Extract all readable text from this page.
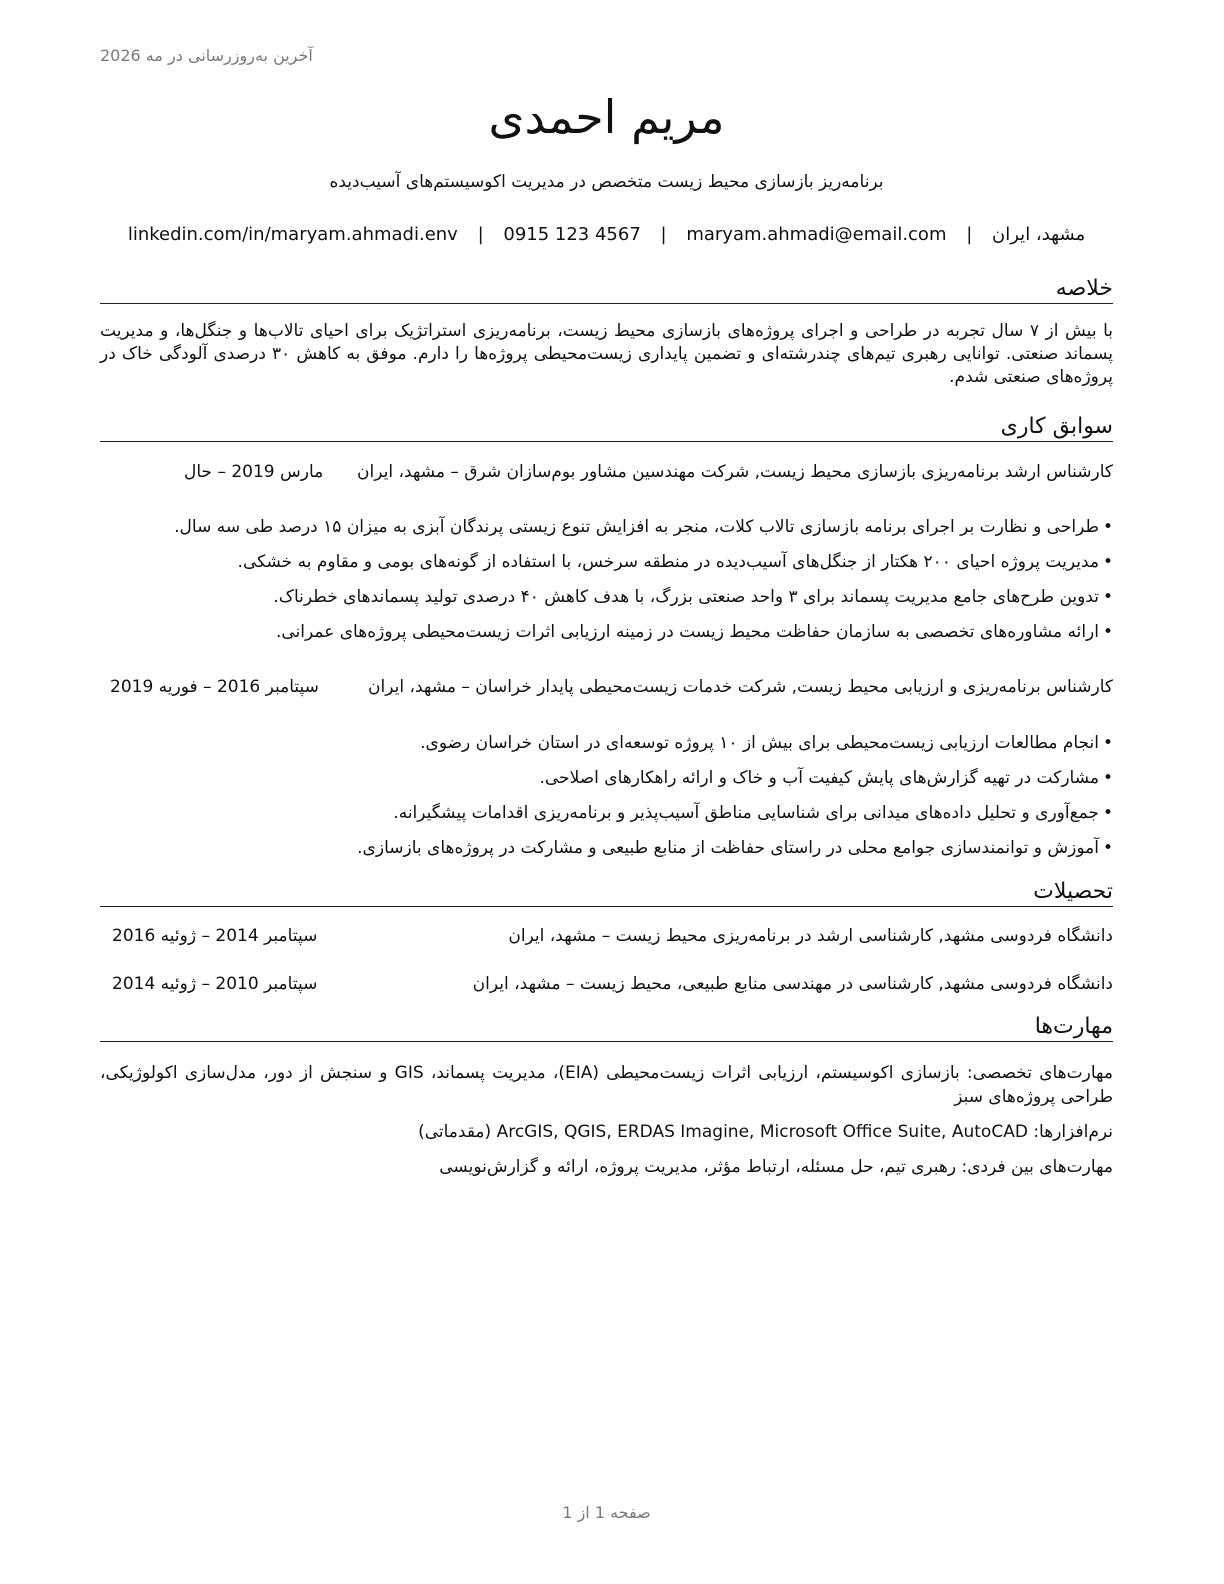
آخرین به‌روزرسانی در مه 2026
مریم احمدی
برنامه‌ریز بازسازی محیط زیست متخصص در مدیریت اکوسیستم‌های آسیب‌دیده
مشهد، ایران | maryam.ahmadi@email.com | 0915 123 4567 | linkedin.com/in/maryam.ahmadi.env
خلاصه
با بیش از ۷ سال تجربه در طراحی و اجرای پروژه‌های بازسازی محیط زیست، برنامه‌ریزی استراتژیک برای احیای تالاب‌ها و جنگل‌ها، و مدیریت پسماند صنعتی. توانایی رهبری تیم‌های چندرشته‌ای و تضمین پایداری زیست‌محیطی پروژه‌ها را دارم. موفق به کاهش ۳۰ درصدی آلودگی خاک در پروژه‌های صنعتی شدم.
سوابق کاری
کارشناس ارشد برنامه‌ریزی بازسازی محیط زیست, شرکت مهندسین مشاور بوم‌سازان شرق – مشهد، ایران
مارس 2019 – حال
• طراحی و نظارت بر اجرای برنامه بازسازی تالاب کلات، منجر به افزایش تنوع زیستی پرندگان آبزی به میزان ۱۵ درصد طی سه سال.
• مدیریت پروژه احیای ۲۰۰ هکتار از جنگل‌های آسیب‌دیده در منطقه سرخس، با استفاده از گونه‌های بومی و مقاوم به خشکی.
• تدوین طرح‌های جامع مدیریت پسماند برای ۳ واحد صنعتی بزرگ، با هدف کاهش ۴۰ درصدی تولید پسماندهای خطرناک.
• ارائه مشاوره‌های تخصصی به سازمان حفاظت محیط زیست در زمینه ارزیابی اثرات زیست‌محیطی پروژه‌های عمرانی.
کارشناس برنامه‌ریزی و ارزیابی محیط زیست, شرکت خدمات زیست‌محیطی پایدار خراسان – مشهد، ایران
سپتامبر 2016 – فوریه 2019
• انجام مطالعات ارزیابی زیست‌محیطی برای بیش از ۱۰ پروژه توسعه‌ای در استان خراسان رضوی.
• مشارکت در تهیه گزارش‌های پایش کیفیت آب و خاک و ارائه راهکارهای اصلاحی.
• جمع‌آوری و تحلیل داده‌های میدانی برای شناسایی مناطق آسیب‌پذیر و برنامه‌ریزی اقدامات پیشگیرانه.
• آموزش و توانمندسازی جوامع محلی در راستای حفاظت از منابع طبیعی و مشارکت در پروژه‌های بازسازی.
تحصیلات
دانشگاه فردوسی مشهد, کارشناسی ارشد در برنامه‌ریزی محیط زیست – مشهد، ایران
سپتامبر 2014 – ژوئیه 2016
دانشگاه فردوسی مشهد, کارشناسی در مهندسی منابع طبیعی، محیط زیست – مشهد، ایران
سپتامبر 2010 – ژوئیه 2014
مهارت‌ها
مهارت‌های تخصصی: بازسازی اکوسیستم، ارزیابی اثرات زیست‌محیطی (EIA)، مدیریت پسماند، GIS و سنجش از دور، مدل‌سازی اکولوژیکی، طراحی پروژه‌های سبز
نرم‌افزارها: ArcGIS, QGIS, ERDAS Imagine, Microsoft Office Suite, AutoCAD (مقدماتی)
مهارت‌های بین فردی: رهبری تیم، حل مسئله، ارتباط مؤثر، مدیریت پروژه، ارائه و گزارش‌نویسی
صفحه 1 از 1
